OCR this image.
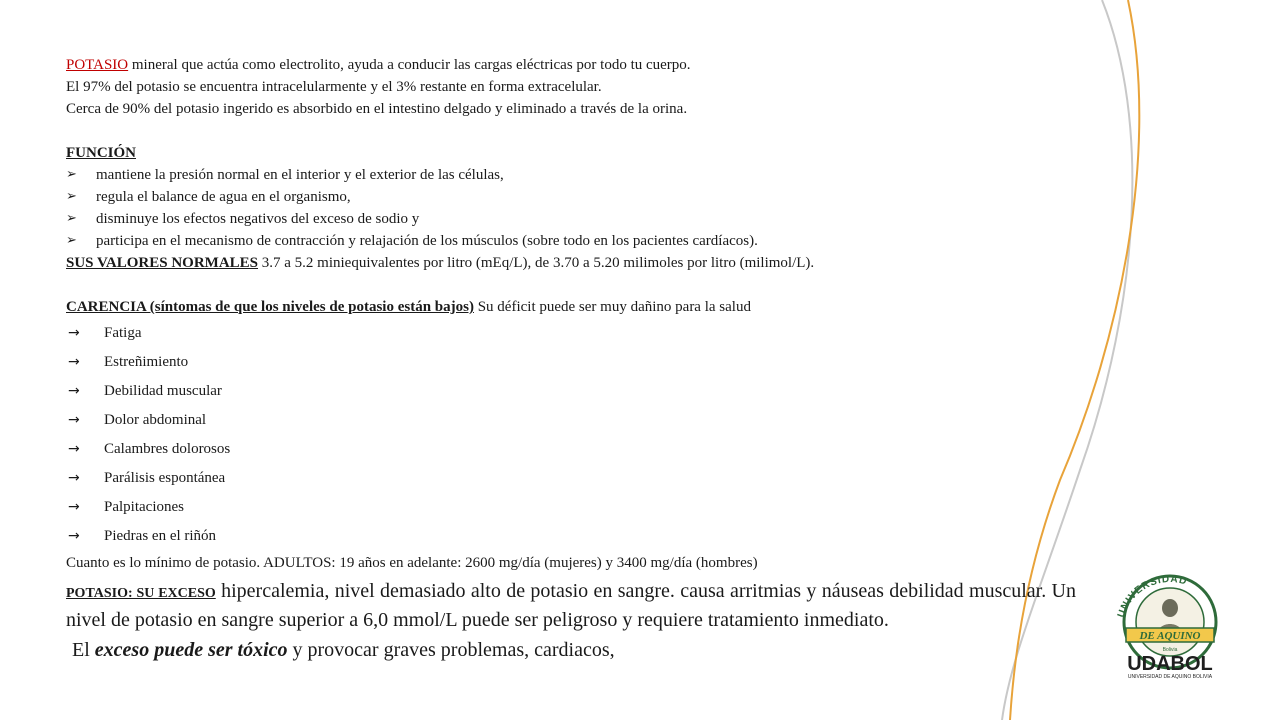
POTASIO mineral que actúa como electrolito, ayuda a conducir las cargas eléctricas por todo tu cuerpo.

El 97% del potasio se encuentra intracelularmente y el 3% restante en forma extracelular.

Cerca de 90% del potasio ingerido es absorbido en el intestino delgado y eliminado a través de la orina.

FUNCIÓN

➢	mantiene la presión normal en el interior y el exterior de las células,

➢	regula el balance de agua en el organismo,

➢	disminuye los efectos negativos del exceso de sodio y

➢	participa en el mecanismo de contracción y relajación de los músculos (sobre todo en los pacientes cardíacos).

SUS VALORES NORMALES 3.7 a 5.2 miniequivalentes por litro (mEq/L), de 3.70 a 5.20 milimoles por litro (milimol/L).

CARENCIA (síntomas de que los niveles de potasio están bajos) Su déficit puede ser muy dañino para la salud

→	Fatiga
→	Estreñimiento
→	Debilidad muscular
→	Dolor abdominal
→	Calambres dolorosos
→	Parálisis espontánea
→	Palpitaciones
→	Piedras en el riñón

Cuanto es lo mínimo de potasio. ADULTOS: 19 años en adelante: 2600 mg/día (mujeres) y 3400 mg/día (hombres)

POTASIO: SU EXCESO hipercalemia, nivel demasiado alto de potasio en sangre. causa arritmias y náuseas debilidad muscular. Un nivel de potasio en sangre superior a 6,0 mmol/L puede ser peligroso y requiere tratamiento inmediato.

El exceso puede ser tóxico y provocar graves problemas, cardiacos,

UNIVERSIDAD
DE AQUINO
Bolivia
UDABOL
UNIVERSIDAD DE AQUINO BOLIVIA
